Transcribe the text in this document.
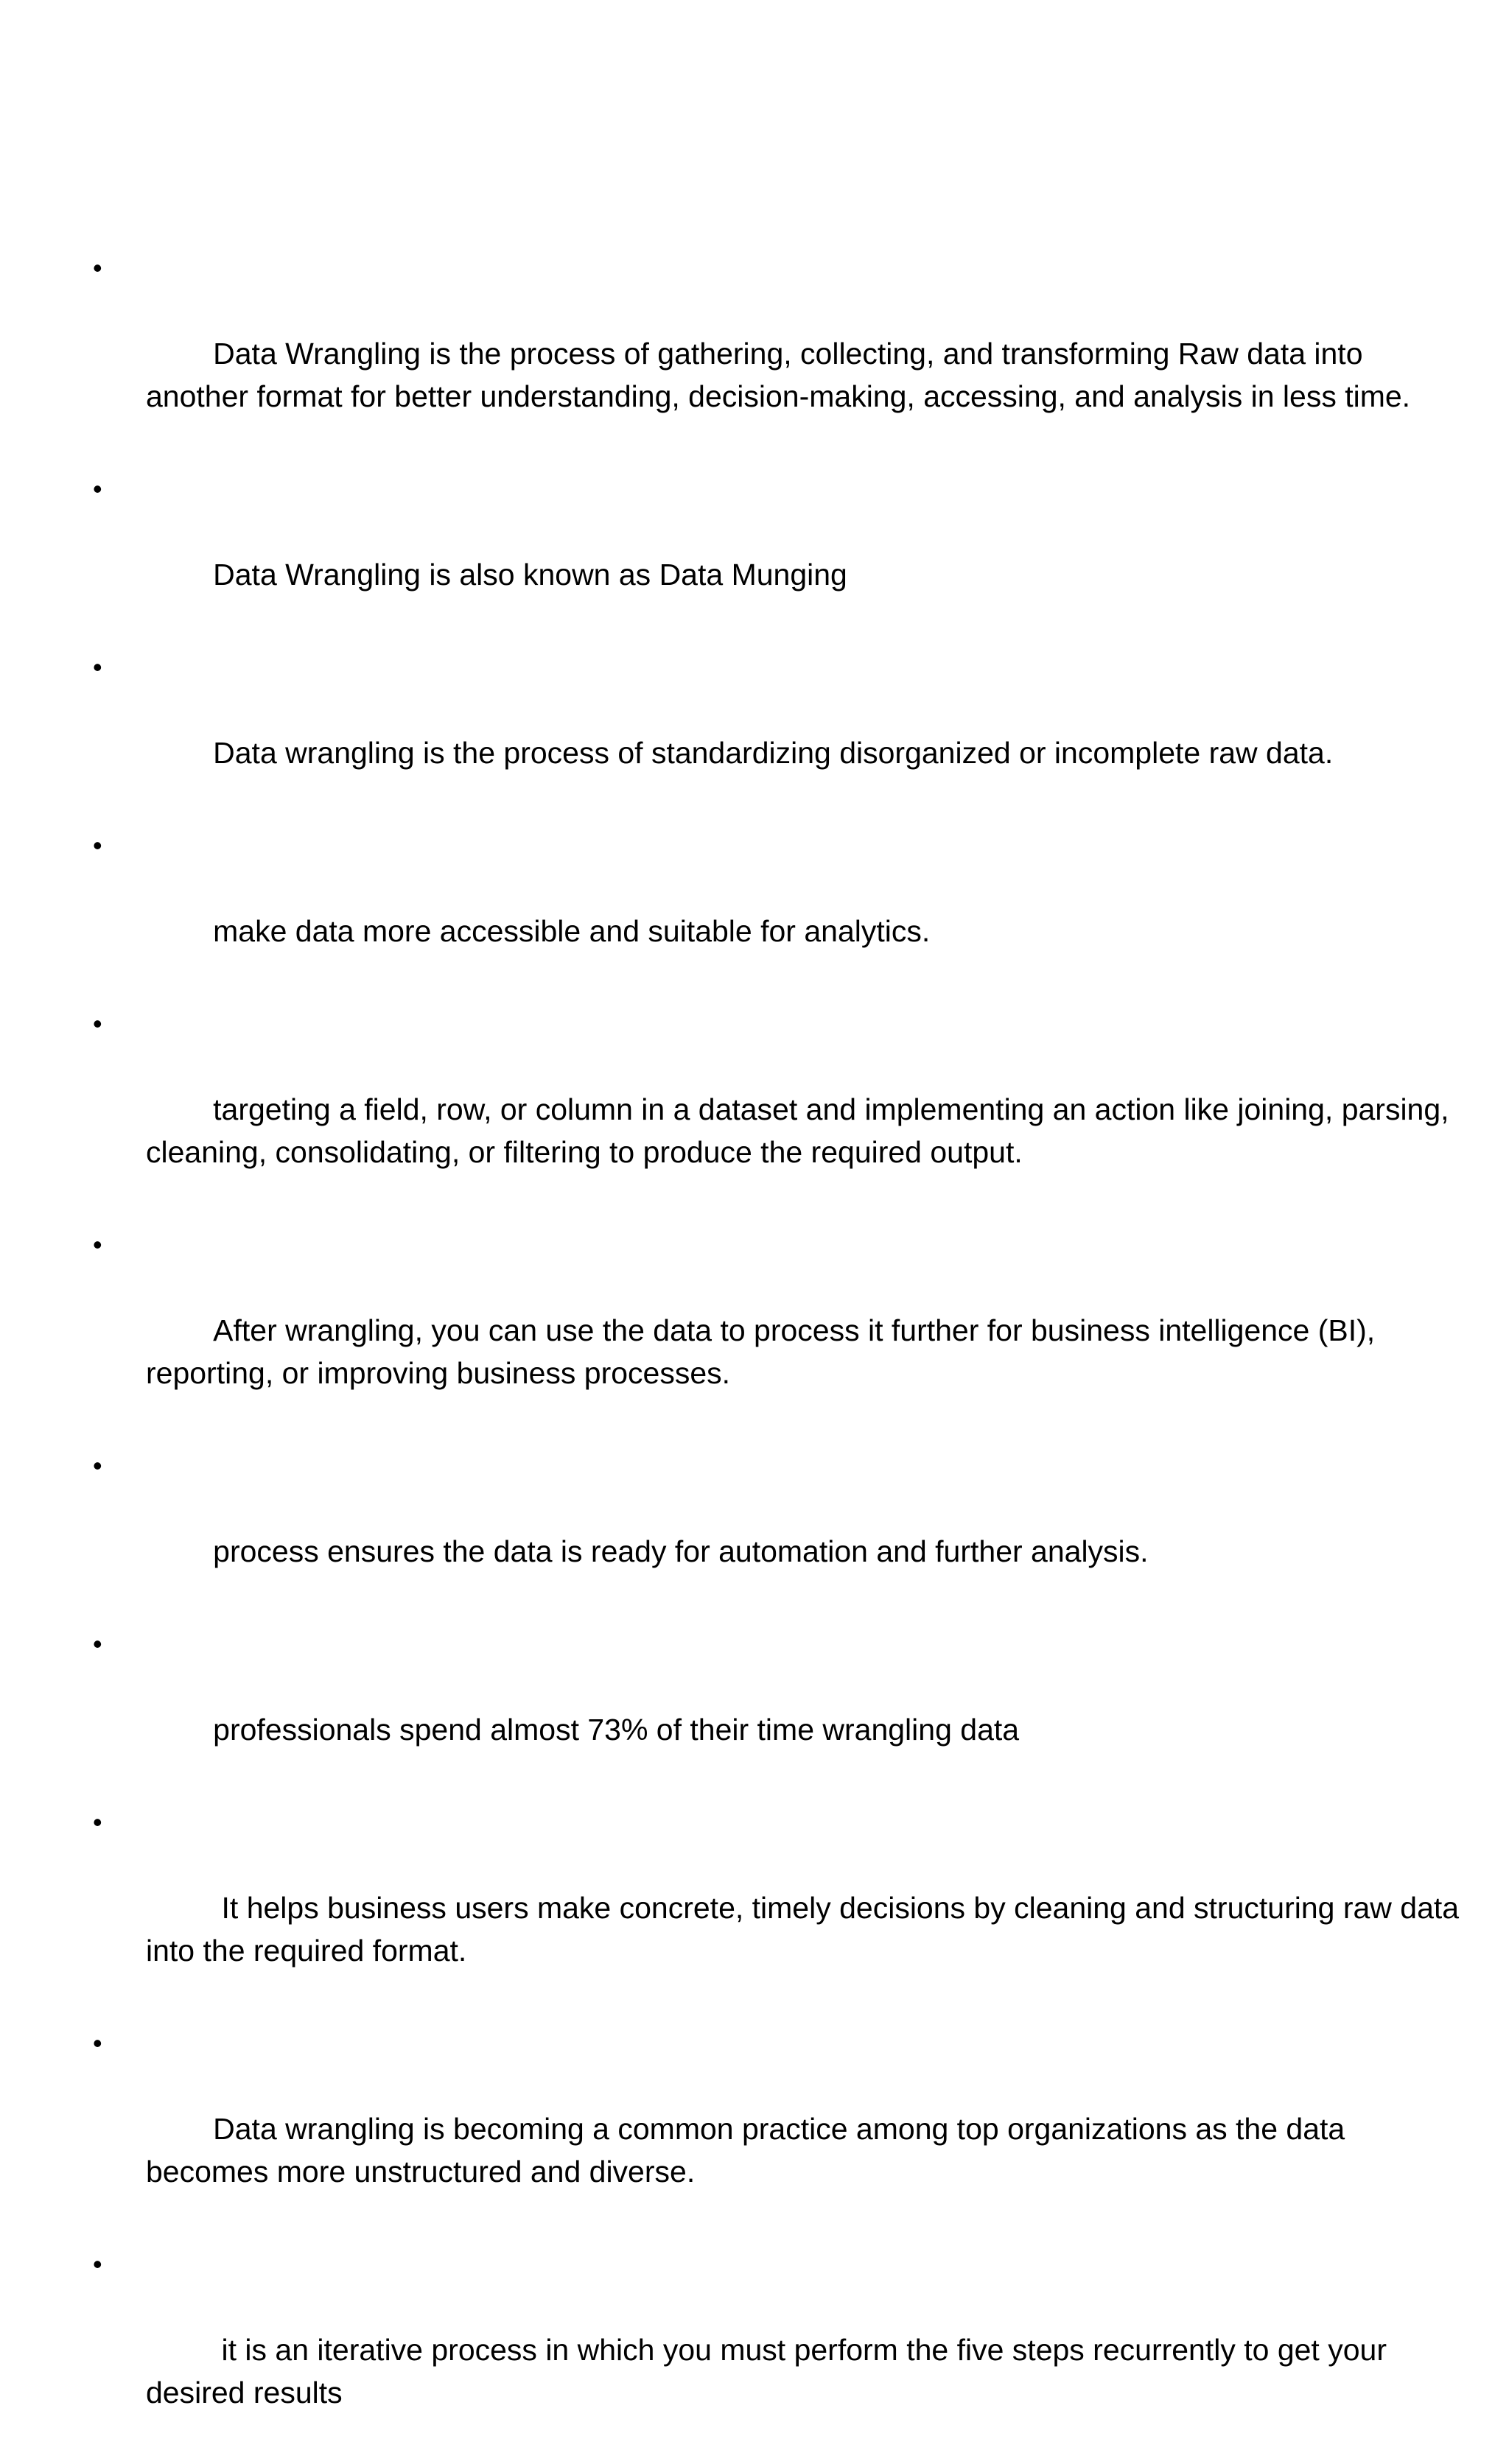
•

Data Wrangling is the process of gathering, collecting, and transforming Raw data into another format for better understanding, decision-making, accessing, and analysis in less time.

•

Data Wrangling is also known as Data Munging

•

Data wrangling is the process of standardizing disorganized or incomplete raw data.

•

make data more accessible and suitable for analytics.

•

targeting a field, row, or column in a dataset and implementing an action like joining, parsing, cleaning, consolidating, or filtering to produce the required output.

•

After wrangling, you can use the data to process it further for business intelligence (BI), reporting, or improving business processes.

•

process ensures the data is ready for automation and further analysis.

•

professionals spend almost 73% of their time wrangling data

•

It helps business users make concrete, timely decisions by cleaning and structuring raw data into the required format.

•

Data wrangling is becoming a common practice among top organizations as the data becomes more unstructured and diverse.

•

it is an iterative process in which you must perform the five steps recurrently to get your desired results
